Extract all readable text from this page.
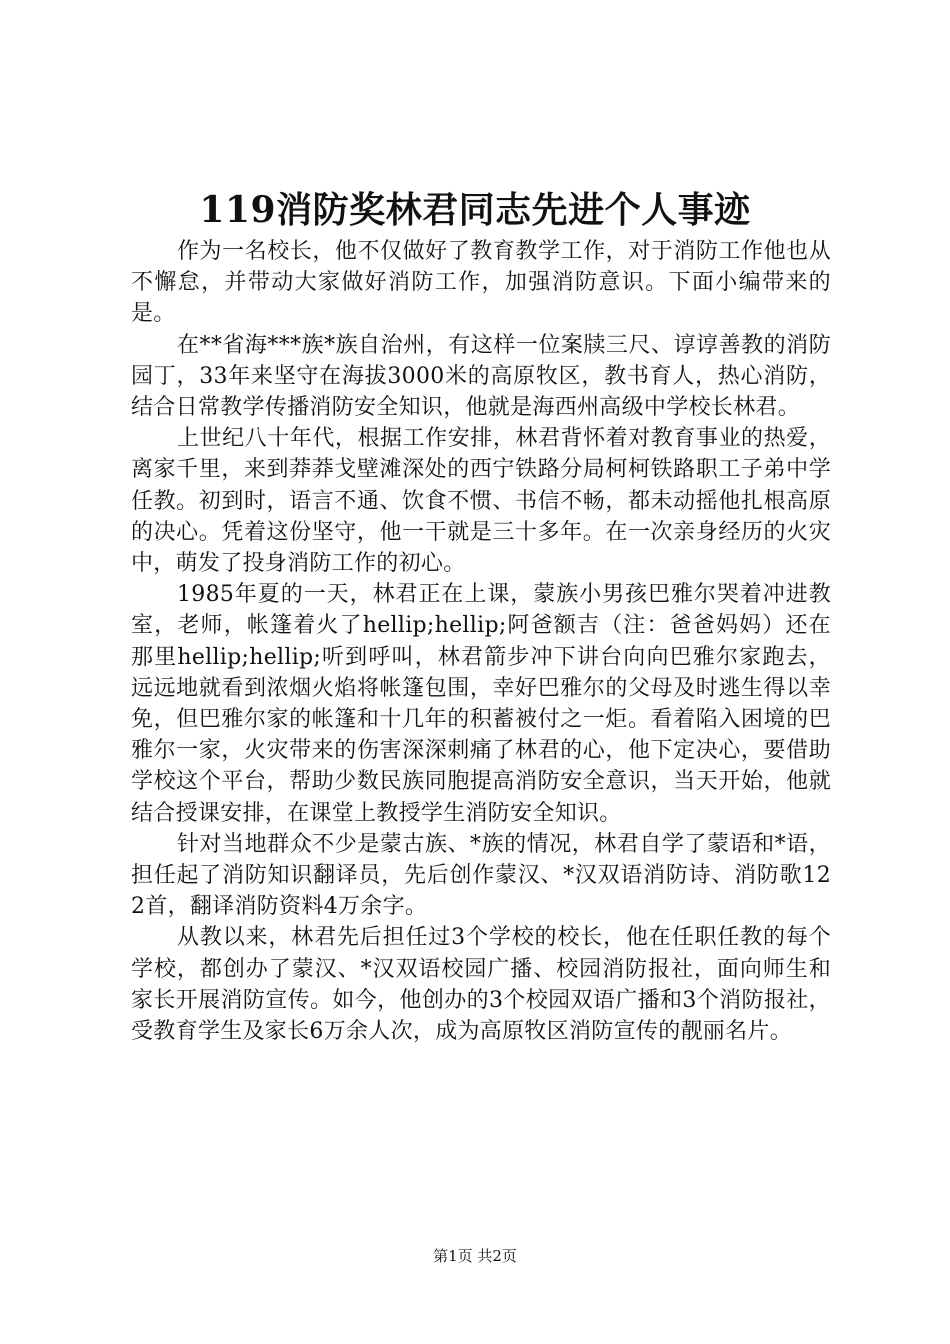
119消防奖林君同志先进个人事迹

作为一名校长，他不仅做好了教育教学工作，对于消防工作他也从不懈怠，并带动大家做好消防工作，加强消防意识。下面小编带来的是。

在**省海***族*族自治州，有这样一位案牍三尺、谆谆善教的消防园丁，33年来坚守在海拔3000米的高原牧区，教书育人，热心消防，结合日常教学传播消防安全知识，他就是海西州高级中学校长林君。

上世纪八十年代，根据工作安排，林君背怀着对教育事业的热爱，离家千里，来到莽莽戈壁滩深处的西宁铁路分局柯柯铁路职工子弟中学任教。初到时，语言不通、饮食不惯、书信不畅，都未动摇他扎根高原的决心。凭着这份坚守，他一干就是三十多年。在一次亲身经历的火灾中，萌发了投身消防工作的初心。

1985年夏的一天，林君正在上课，蒙族小男孩巴雅尔哭着冲进教室，老师，帐篷着火了hellip;hellip;阿爸额吉（注：爸爸妈妈）还在那里hellip;hellip;听到呼叫，林君箭步冲下讲台向向巴雅尔家跑去，远远地就看到浓烟火焰将帐篷包围，幸好巴雅尔的父母及时逃生得以幸免，但巴雅尔家的帐篷和十几年的积蓄被付之一炬。看着陷入困境的巴雅尔一家，火灾带来的伤害深深刺痛了林君的心，他下定决心，要借助学校这个平台，帮助少数民族同胞提高消防安全意识，当天开始，他就结合授课安排，在课堂上教授学生消防安全知识。

针对当地群众不少是蒙古族、*族的情况，林君自学了蒙语和*语，担任起了消防知识翻译员，先后创作蒙汉、*汉双语消防诗、消防歌122首，翻译消防资料4万余字。

从教以来，林君先后担任过3个学校的校长，他在任职任教的每个学校，都创办了蒙汉、*汉双语校园广播、校园消防报社，面向师生和家长开展消防宣传。如今，他创办的3个校园双语广播和3个消防报社，受教育学生及家长6万余人次，成为高原牧区消防宣传的靓丽名片。

第1页 共2页
